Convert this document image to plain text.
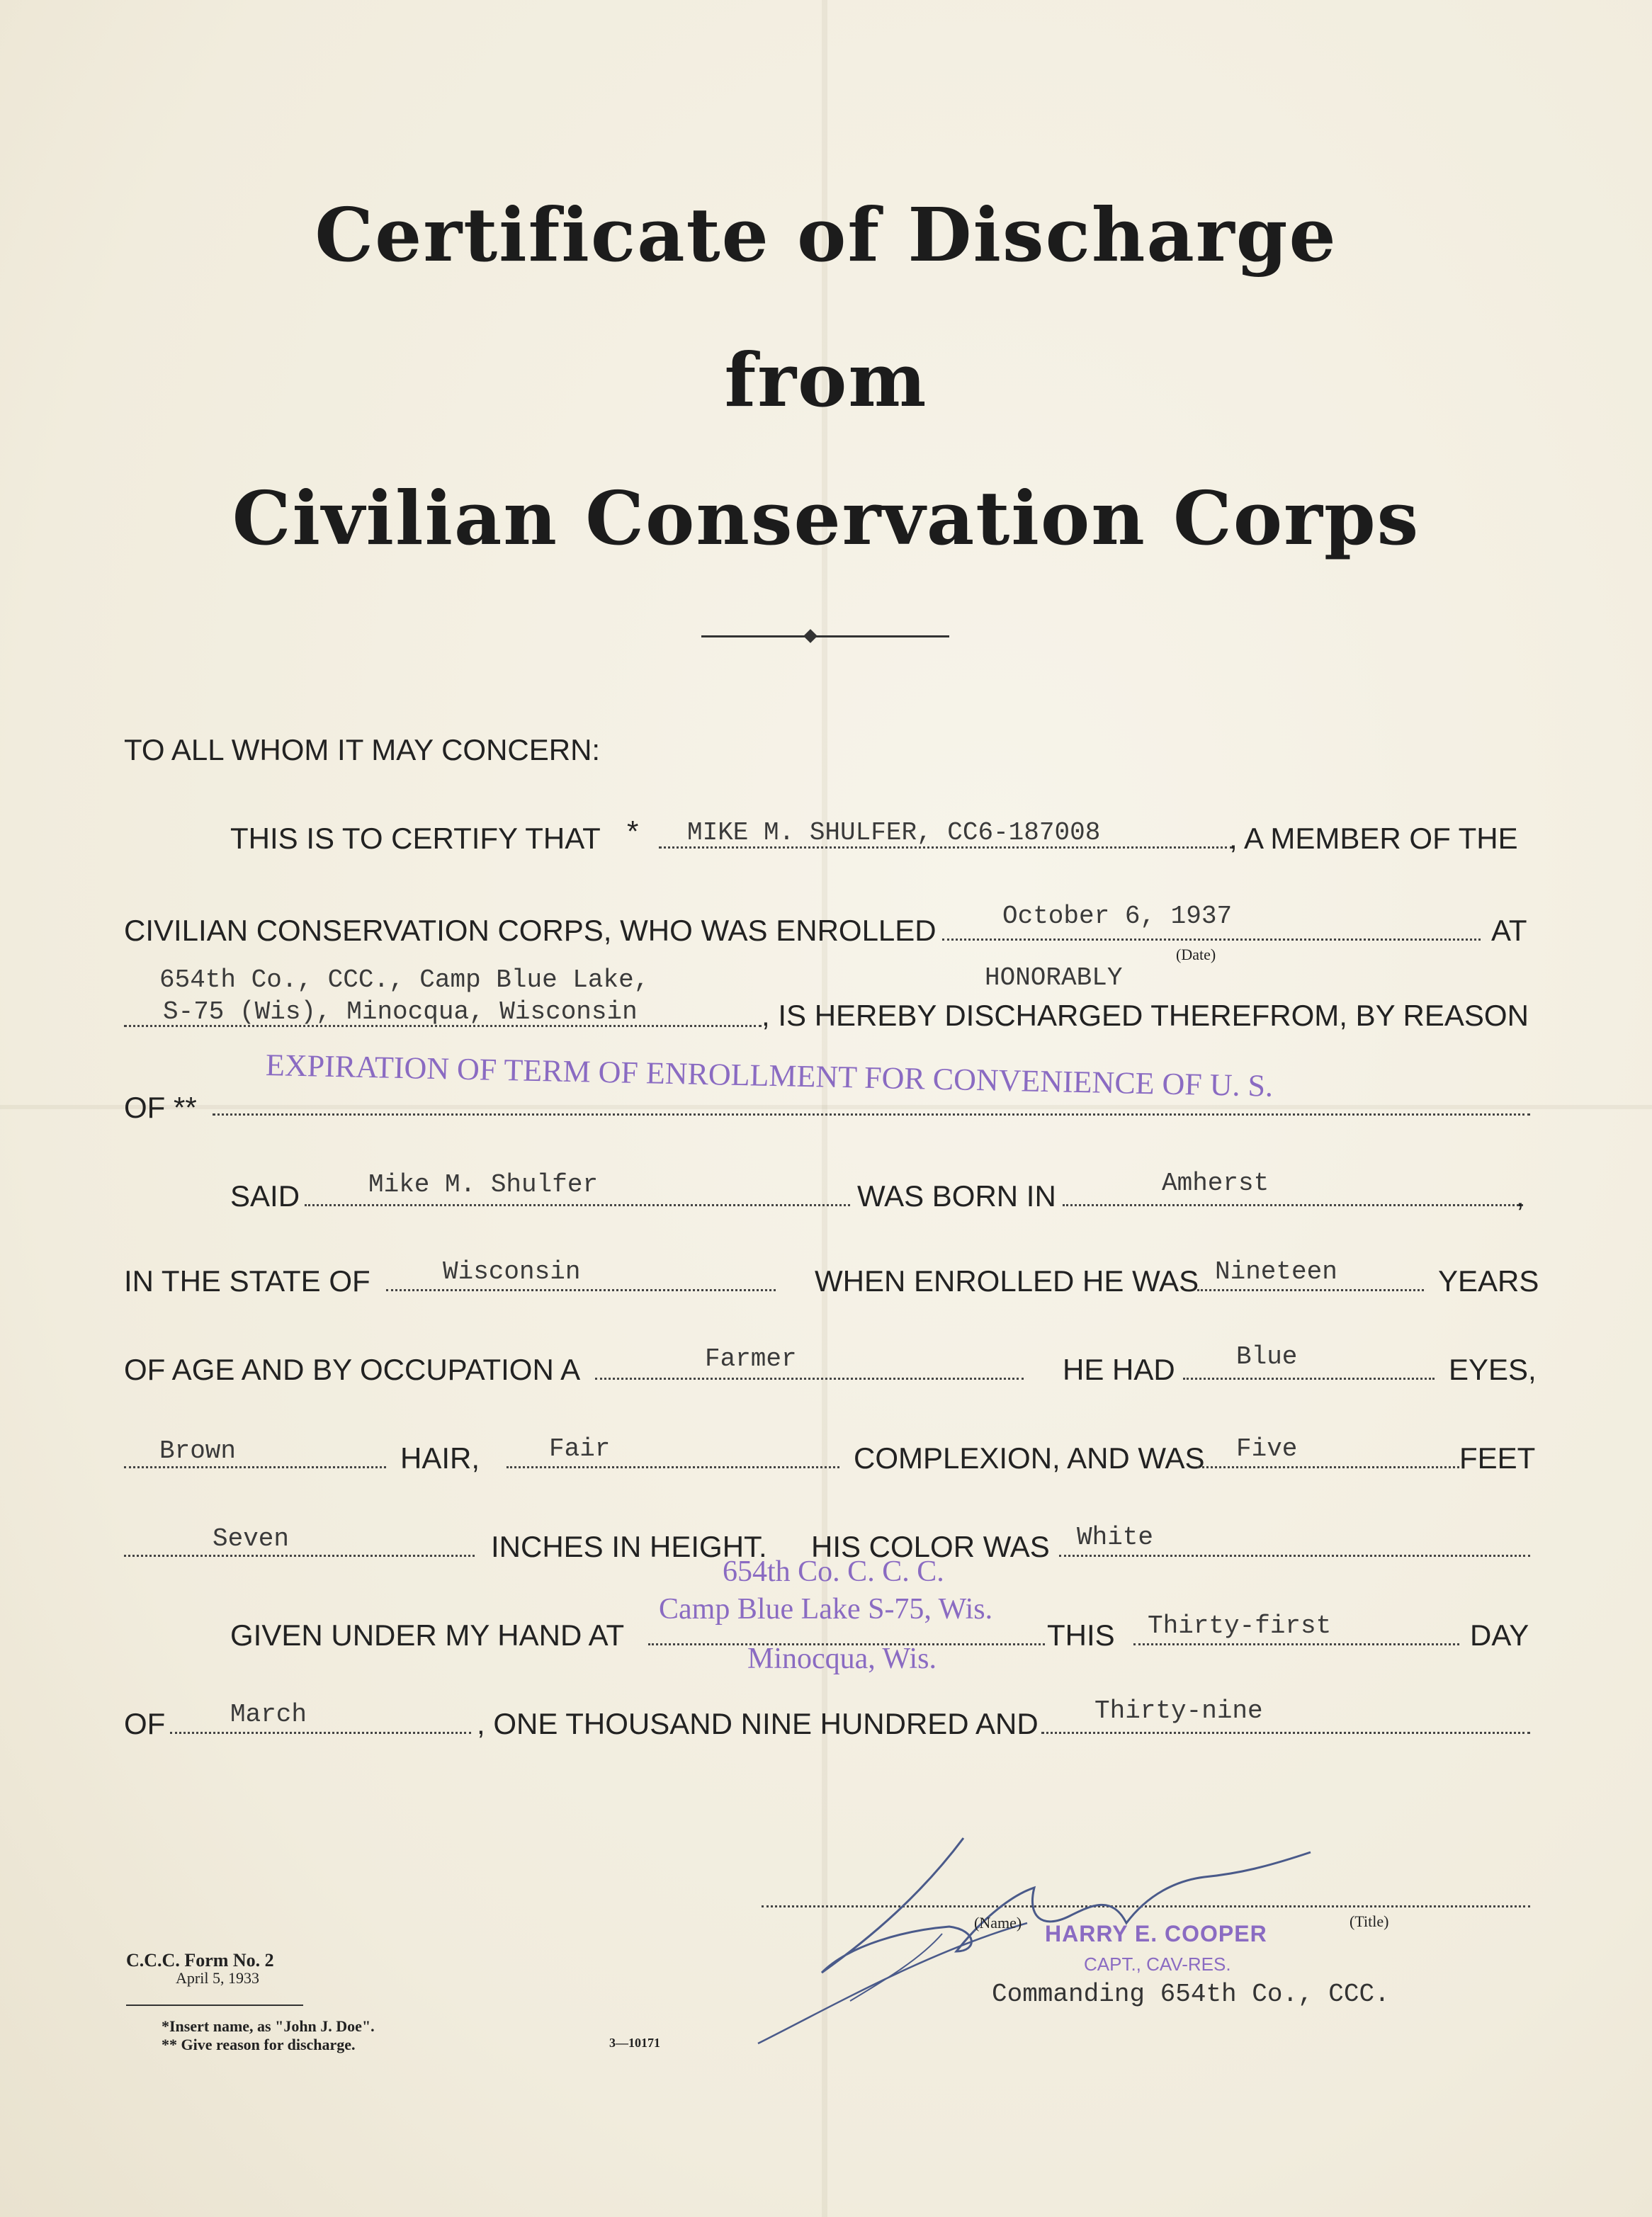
Certificate of Discharge
from
Civilian Conservation Corps
TO ALL WHOM IT MAY CONCERN:
THIS IS TO CERTIFY THAT * MIKE M. SHULFER, CC6-187008	, A MEMBER OF THE
CIVILIAN CONSERVATION CORPS, WHO WAS ENROLLED	October 6, 1937	AT
(Date)
654th Co., CCC., Camp Blue Lake,
S-75 (Wis), Minocqua, Wisconsin
HONORABLY
, IS HEREBY DISCHARGED THEREFROM, BY REASON
EXPIRATION OF TERM OF ENROLLMENT FOR CONVENIENCE OF U. S.
OF **
SAID	Mike M. Shulfer	WAS BORN IN	Amherst	,
IN THE STATE OF	Wisconsin	WHEN ENROLLED HE WAS Nineteen	YEARS
OF AGE AND BY OCCUPATION A	Farmer	HE HAD Blue	EYES,
Brown	HAIR,	Fair	COMPLEXION, AND WAS Five	FEET
Seven	INCHES IN HEIGHT. HIS COLOR WAS White
654th Co. C. C. C.
Camp Blue Lake S-75, Wis.
Minocqua, Wis.
GIVEN UNDER MY HAND AT	THIS Thirty-first	DAY
OF	March	, ONE THOUSAND NINE HUNDRED AND Thirty-nine
(Name)	(Title)
HARRY E. COOPER
CAPT., CAV-RES.
Commanding 654th Co., CCC.
C.C.C. Form No. 2
April 5, 1933
*Insert name, as "John J. Doe".
** Give reason for discharge.	3—10171
